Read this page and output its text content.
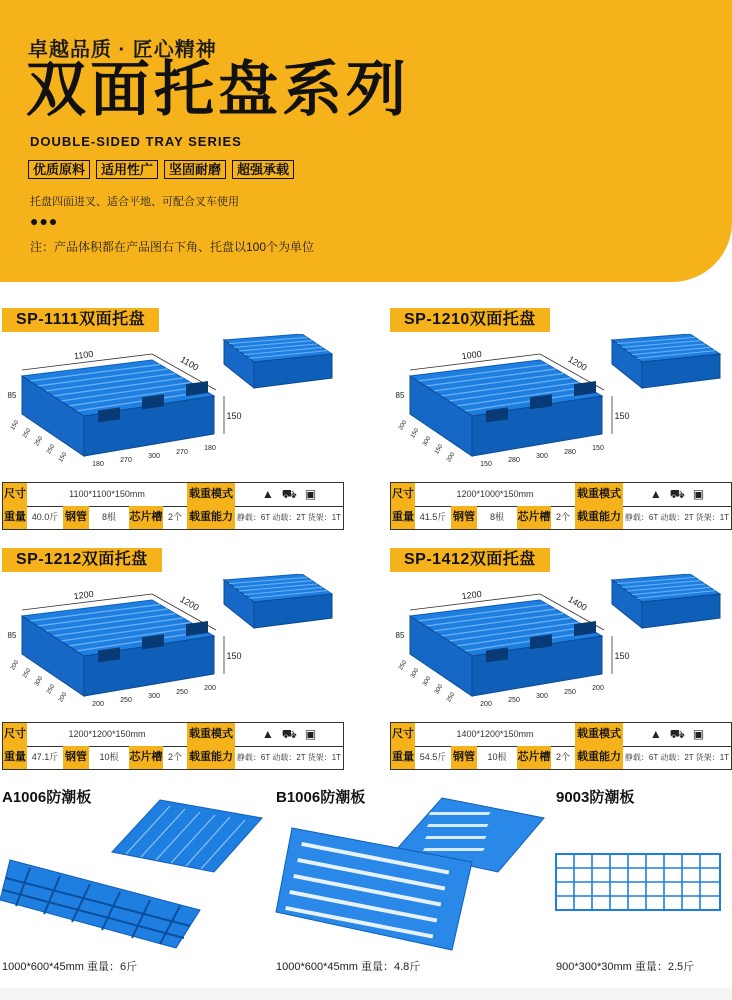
卓越品质 · 匠心精神
双面托盘系列
DOUBLE-SIDED TRAY SERIES
优质原料	适用性广	坚固耐磨	超强承载
托盘四面进叉、适合平地、可配合叉车使用
●●●
注：产品体积都在产品图右下角、托盘以100个为单位
SP-1111双面托盘
1100	1100
150
85
180
270
300
270
180
150
250
250
250
150
尺寸	1100*1100*150mm	载重模式	▲ ⛟ ▣
重量 40.0斤 钢管	8根	芯片槽 2个 载重能力 静载：6T 动载：2T 货架：1T
SP-1210双面托盘
1000	1200
150
85
150
280
300
280
150
200
150
300
150
200
尺寸	1200*1000*150mm	载重模式	▲ ⛟ ▣
重量 41.5斤 钢管	8根	芯片槽 2个 载重能力 静载：6T 动载：2T 货架：1T
SP-1212双面托盘
1200	1200
150
85
200
250
300
250
200
200
250
300
250
200
尺寸	1200*1200*150mm	载重模式	▲ ⛟ ▣
重量 47.1斤 钢管	10根	芯片槽 2个 载重能力 静载：6T 动载：2T 货架：1T
SP-1412双面托盘
1200	1400
150
85
200
250
300
250
200
250
300
300
300
250
尺寸	1400*1200*150mm	载重模式	▲ ⛟ ▣
重量 54.5斤 钢管	10根	芯片槽 2个 载重能力 静载：6T 动载：2T 货架：1T
A1006防潮板
1000*600*45mm 重量：6斤
B1006防潮板
1000*600*45mm 重量：4.8斤
9003防潮板
900*300*30mm 重量：2.5斤
